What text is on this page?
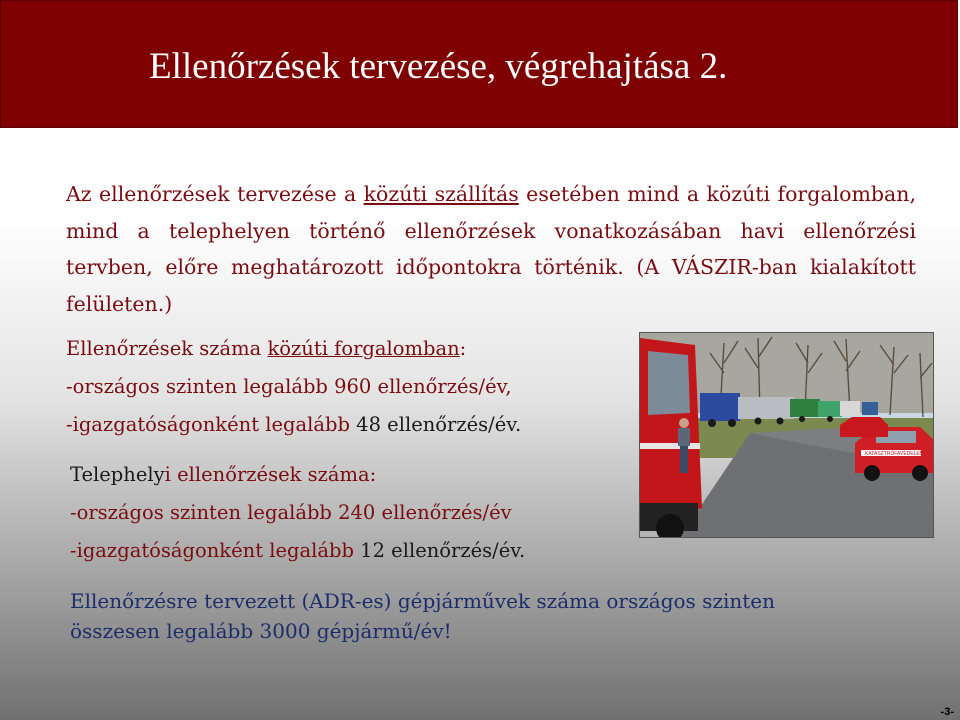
Ellenőrzések tervezése, végrehajtása 2.

Az ellenőrzések tervezése a közúti szállítás esetében mind a közúti forgalomban, mind a telephelyen történő ellenőrzések vonatkozásában havi ellenőrzési tervben, előre meghatározott időpontokra történik. (A VÁSZIR-ban kialakított felületen.)

Ellenőrzések száma közúti forgalomban:
-országos szinten legalább 960 ellenőrzés/év,
-igazgatóságonként legalább 48 ellenőrzés/év.
Telephelyi ellenőrzések száma:
-országos szinten legalább 240 ellenőrzés/év
-igazgatóságonként legalább 12 ellenőrzés/év.
Ellenőrzésre tervezett (ADR-es) gépjárművek száma országos szinten
összesen legalább 3000 gépjármű/év!
KATASZTRÓFAVÉDELEM
-3-
